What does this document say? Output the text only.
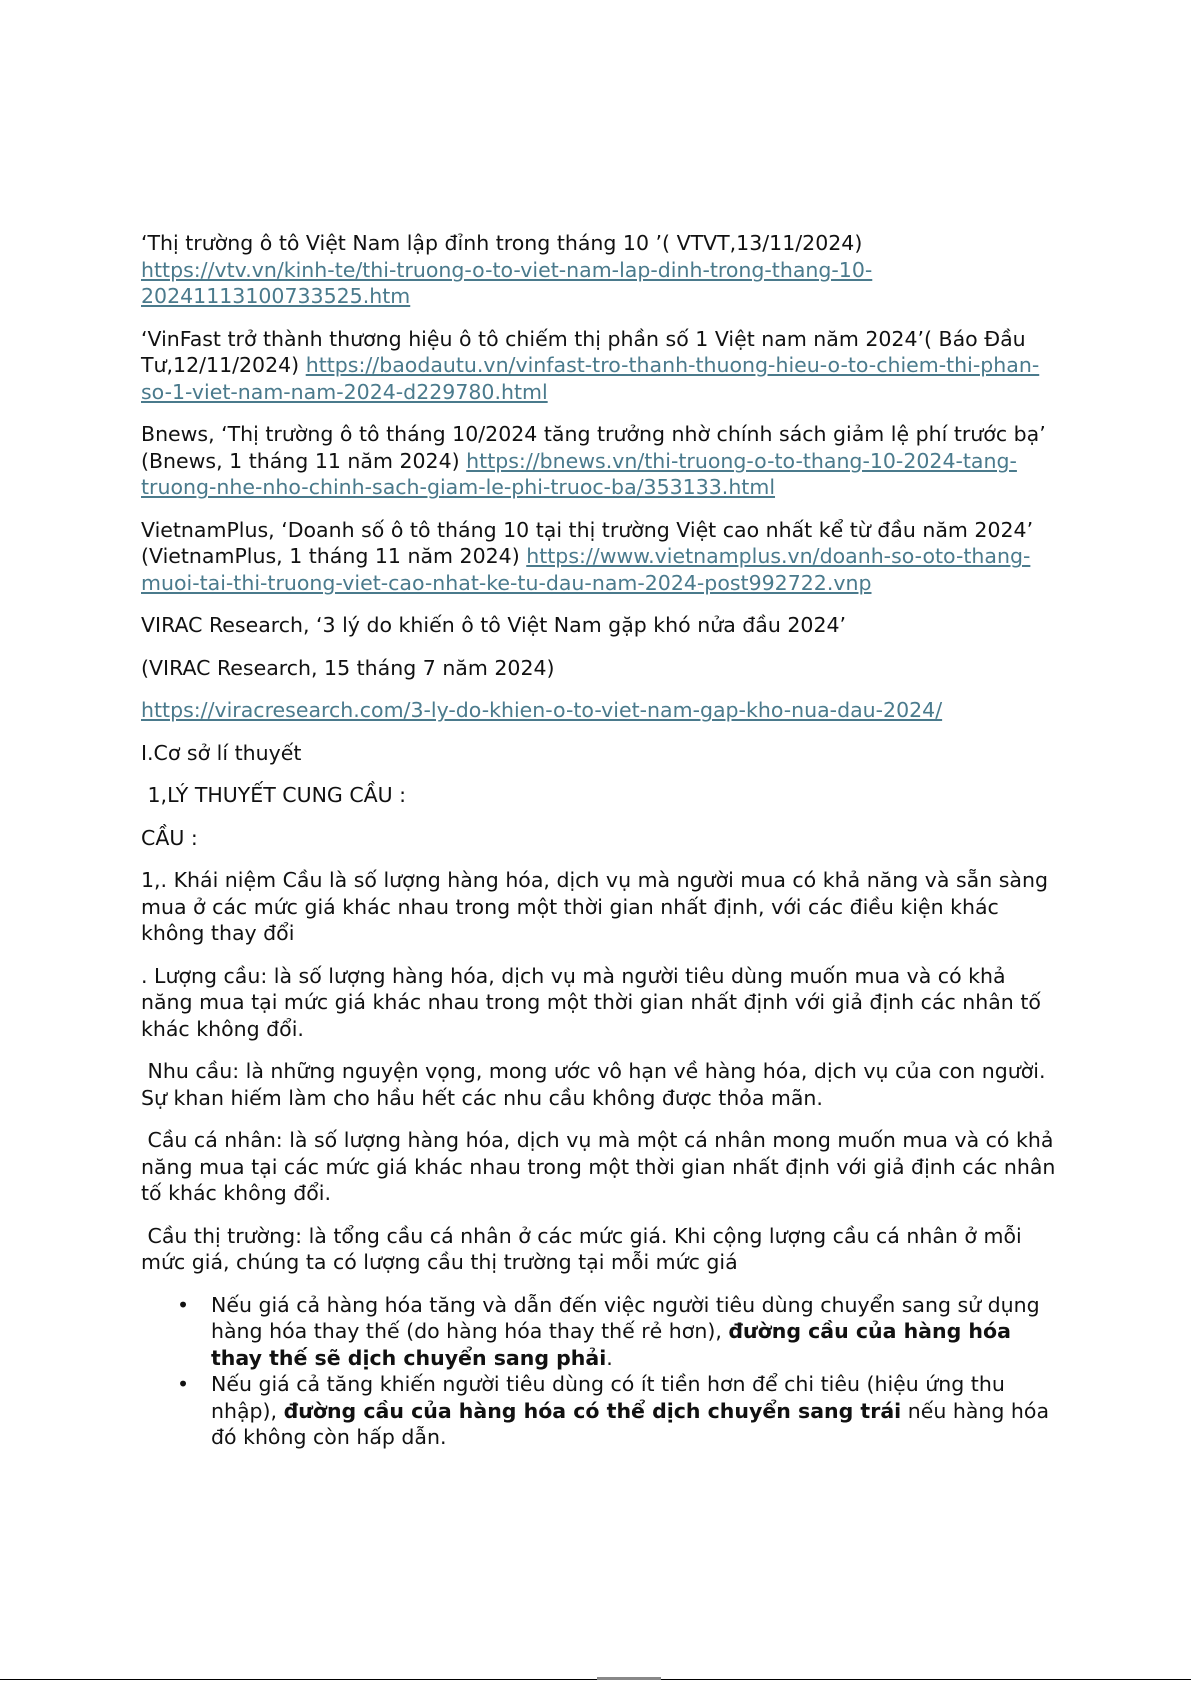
‘Thị trường ô tô Việt Nam lập đỉnh trong tháng 10 ’( VTVT,13/11/2024)
https://vtv.vn/kinh-te/thi-truong-o-to-viet-nam-lap-dinh-trong-thang-10-20241113100733525.htm

‘VinFast trở thành thương hiệu ô tô chiếm thị phần số 1 Việt nam năm 2024’( Báo Đầu Tư,12/11/2024) https://baodautu.vn/vinfast-tro-thanh-thuong-hieu-o-to-chiem-thi-phan-so-1-viet-nam-nam-2024-d229780.html

Bnews, ‘Thị trường ô tô tháng 10/2024 tăng trưởng nhờ chính sách giảm lệ phí trước bạ’ (Bnews, 1 tháng 11 năm 2024) https://bnews.vn/thi-truong-o-to-thang-10-2024-tang-truong-nhe-nho-chinh-sach-giam-le-phi-truoc-ba/353133.html

VietnamPlus, ‘Doanh số ô tô tháng 10 tại thị trường Việt cao nhất kể từ đầu năm 2024’ (VietnamPlus, 1 tháng 11 năm 2024) https://www.vietnamplus.vn/doanh-so-oto-thang-muoi-tai-thi-truong-viet-cao-nhat-ke-tu-dau-nam-2024-post992722.vnp

VIRAC Research, ‘3 lý do khiến ô tô Việt Nam gặp khó nửa đầu 2024’

(VIRAC Research, 15 tháng 7 năm 2024)

https://viracresearch.com/3-ly-do-khien-o-to-viet-nam-gap-kho-nua-dau-2024/

I.Cơ sở lí thuyết

1,LÝ THUYẾT CUNG CẦU :

CẦU :

1,. Khái niệm Cầu là số lượng hàng hóa, dịch vụ mà người mua có khả năng và sẵn sàng mua ở các mức giá khác nhau trong một thời gian nhất định, với các điều kiện khác không thay đổi

. Lượng cầu: là số lượng hàng hóa, dịch vụ mà người tiêu dùng muốn mua và có khả năng mua tại mức giá khác nhau trong một thời gian nhất định với giả định các nhân tố khác không đổi.

Nhu cầu: là những nguyện vọng, mong ước vô hạn về hàng hóa, dịch vụ của con người. Sự khan hiếm làm cho hầu hết các nhu cầu không được thỏa mãn.

Cầu cá nhân: là số lượng hàng hóa, dịch vụ mà một cá nhân mong muốn mua và có khả năng mua tại các mức giá khác nhau trong một thời gian nhất định với giả định các nhân tố khác không đổi.

Cầu thị trường: là tổng cầu cá nhân ở các mức giá. Khi cộng lượng cầu cá nhân ở mỗi mức giá, chúng ta có lượng cầu thị trường tại mỗi mức giá

• Nếu giá cả hàng hóa tăng và dẫn đến việc người tiêu dùng chuyển sang sử dụng hàng hóa thay thế (do hàng hóa thay thế rẻ hơn), đường cầu của hàng hóa thay thế sẽ dịch chuyển sang phải.
• Nếu giá cả tăng khiến người tiêu dùng có ít tiền hơn để chi tiêu (hiệu ứng thu nhập), đường cầu của hàng hóa có thể dịch chuyển sang trái nếu hàng hóa đó không còn hấp dẫn.
